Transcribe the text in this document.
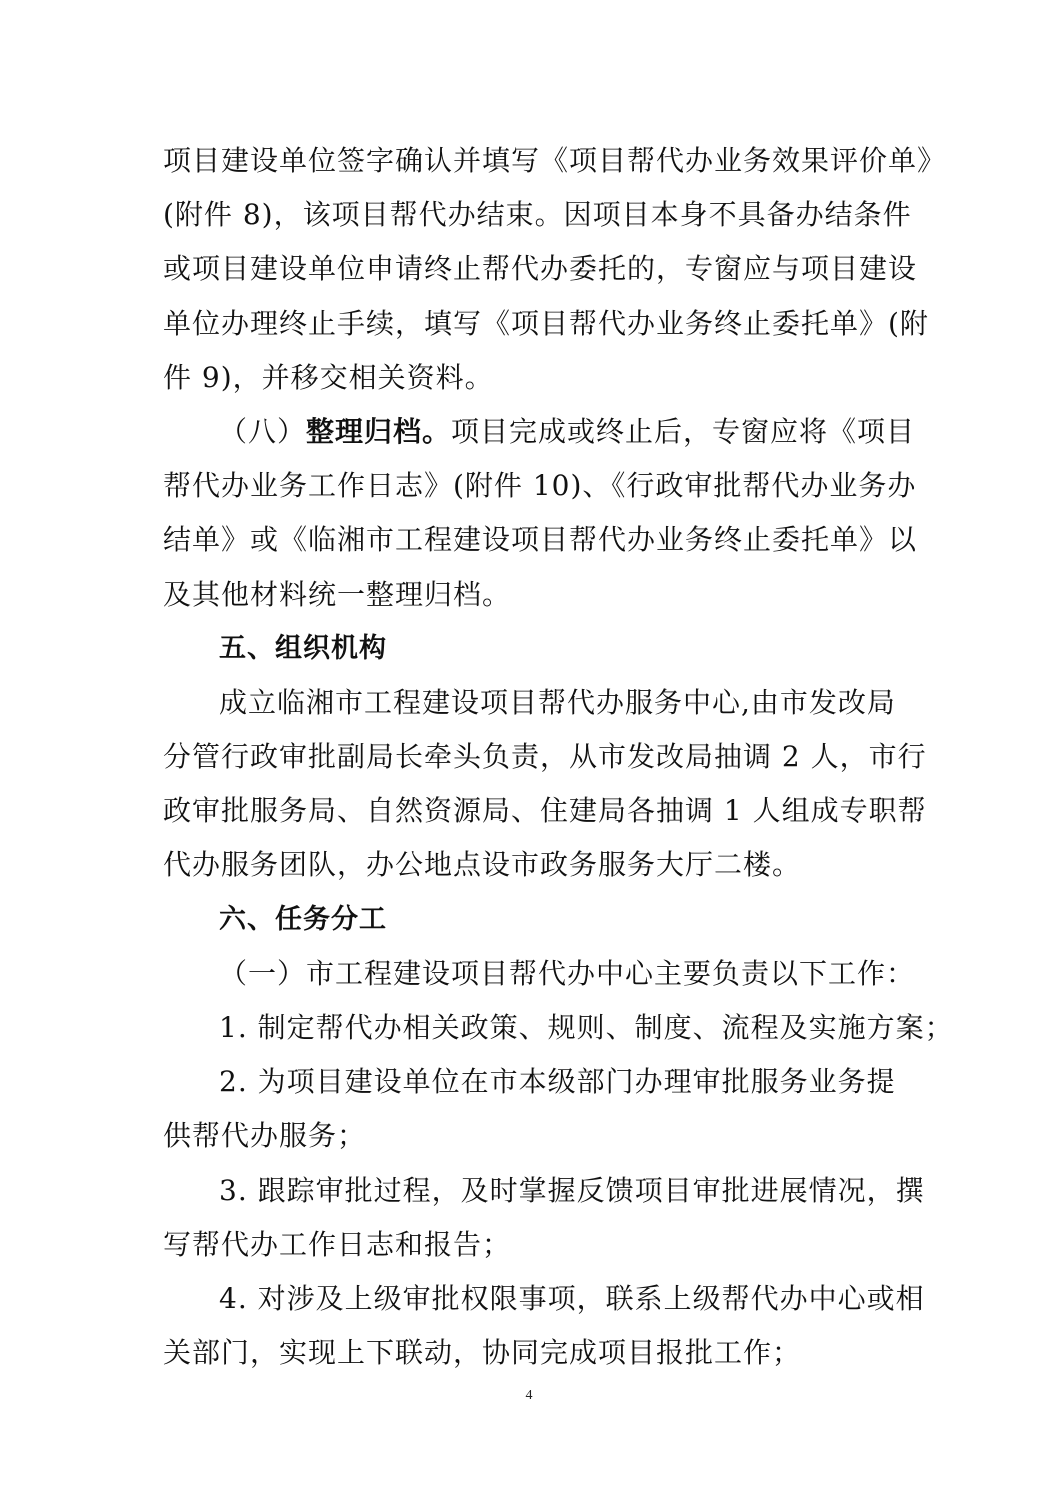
项目建设单位签字确认并填写《项目帮代办业务效果评价单》
(附件 8)，该项目帮代办结束。因项目本身不具备办结条件
或项目建设单位申请终止帮代办委托的，专窗应与项目建设
单位办理终止手续，填写《项目帮代办业务终止委托单》(附
件 9)，并移交相关资料。
（八）整理归档。项目完成或终止后，专窗应将《项目
帮代办业务工作日志》(附件 10)、《行政审批帮代办业务办
结单》或《临湘市工程建设项目帮代办业务终止委托单》以
及其他材料统一整理归档。
五、组织机构
成立临湘市工程建设项目帮代办服务中心,由市发改局
分管行政审批副局长牵头负责，从市发改局抽调 2 人，市行
政审批服务局、自然资源局、住建局各抽调 1 人组成专职帮
代办服务团队，办公地点设市政务服务大厅二楼。
六、任务分工
（一）市工程建设项目帮代办中心主要负责以下工作：
1. 制定帮代办相关政策、规则、制度、流程及实施方案；
2. 为项目建设单位在市本级部门办理审批服务业务提
供帮代办服务；
3. 跟踪审批过程，及时掌握反馈项目审批进展情况，撰
写帮代办工作日志和报告；
4. 对涉及上级审批权限事项，联系上级帮代办中心或相
关部门，实现上下联动，协同完成项目报批工作；
4
